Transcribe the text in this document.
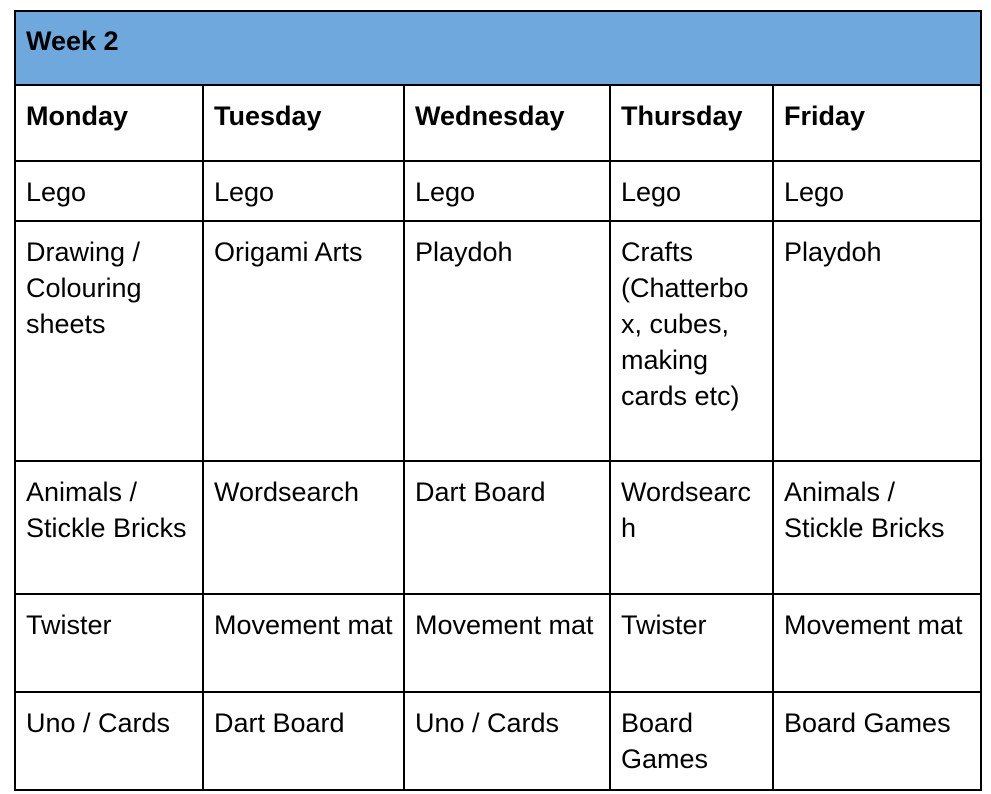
Week 2				
Monday	Tuesday	Wednesday	Thursday	Friday
Lego	Lego	Lego	Lego	Lego
Drawing / Colouring sheets	Origami Arts	Playdoh	Crafts (Chatterbox, cubes, making cards etc)	Playdoh
Animals / Stickle Bricks	Wordsearch	Dart Board	Wordsearch	Animals / Stickle Bricks
Twister	Movement mat	Movement mat	Twister	Movement mat
Uno / Cards	Dart Board	Uno / Cards	Board Games	Board Games
